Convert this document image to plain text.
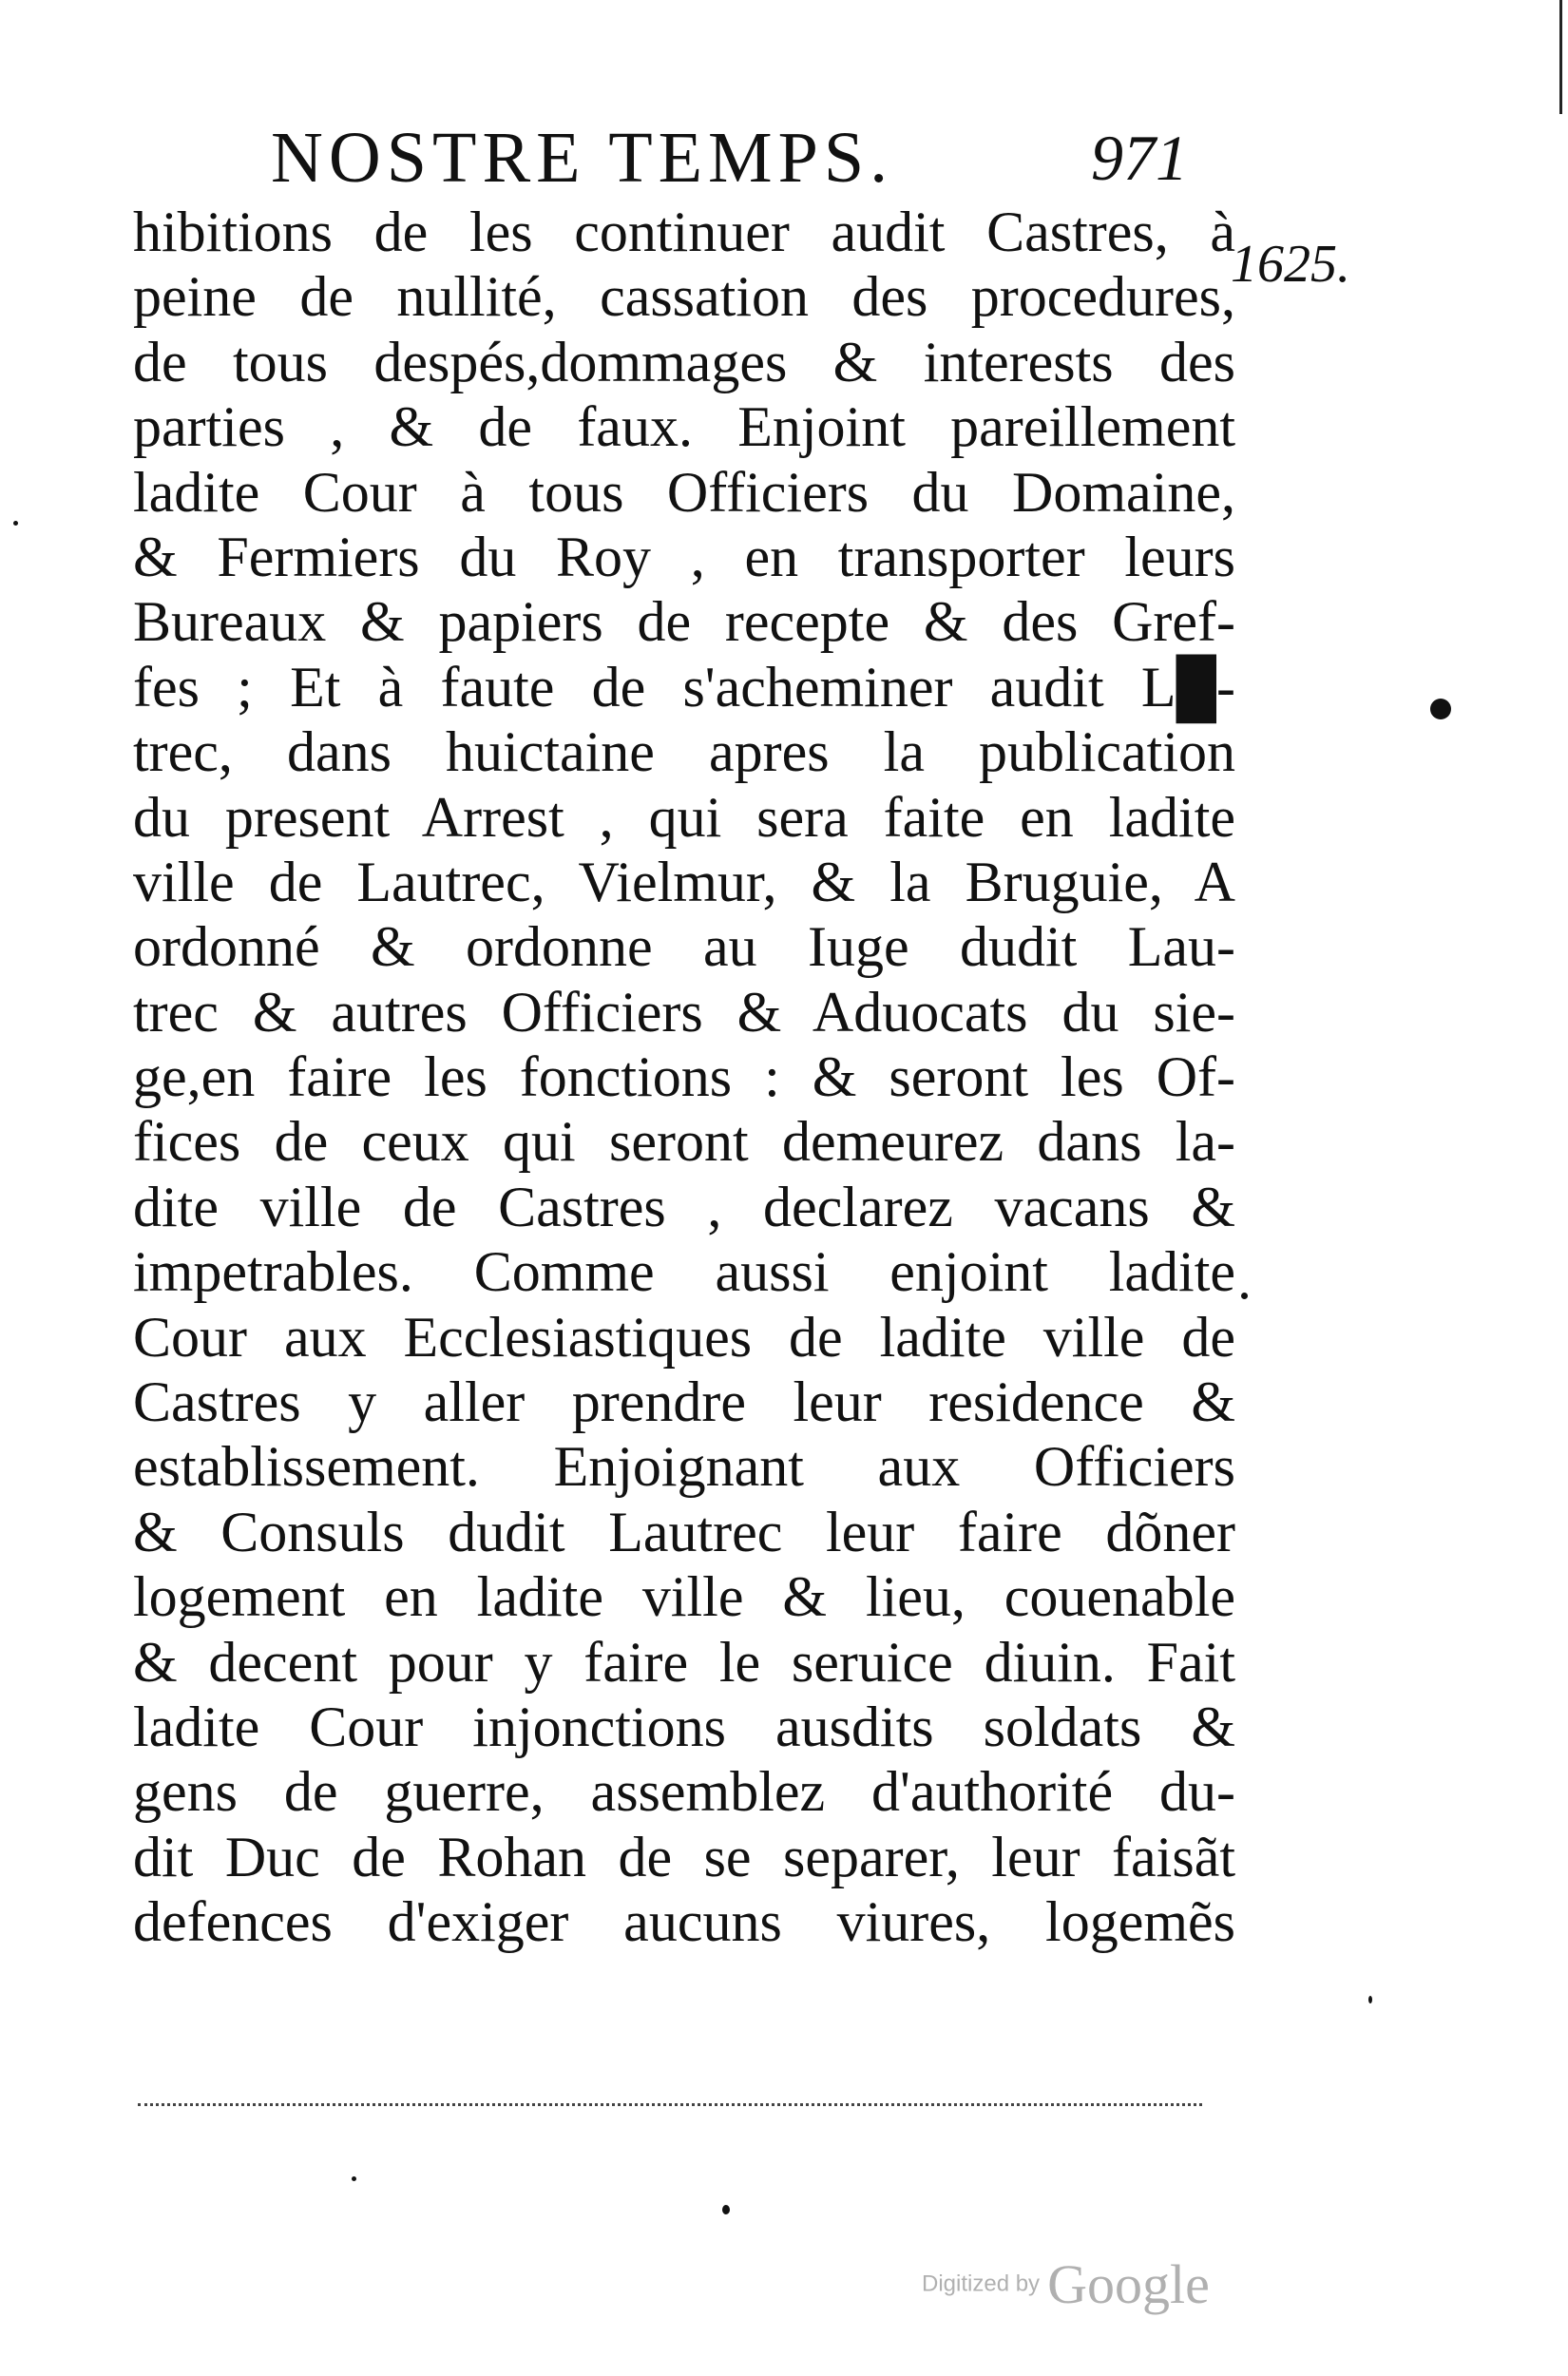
NOSTRE TEMPS.	971
1625.
hibitions de les continuer audit Castres, à
peine de nullité, cassation des procedures,
de tous despés,dommages & interests des
parties , & de faux. Enjoint pareillement
ladite Cour à tous Officiers du Domaine,
& Fermiers du Roy , en transporter leurs
Bureaux & papiers de recepte & des Gref-
fes ; Et à faute de s'acheminer audit L█-
trec, dans huictaine apres la publication
du present Arrest , qui sera faite en ladite
ville de Lautrec, Vielmur, & la Bruguie, A
ordonné & ordonne au Iuge dudit Lau-
trec & autres Officiers & Aduocats du sie-
ge,en faire les fonctions : & seront les Of-
fices de ceux qui seront demeurez dans la-
dite ville de Castres , declarez vacans &
impetrables. Comme aussi enjoint ladite
Cour aux Ecclesiastiques de ladite ville de
Castres y aller prendre leur residence &
establissement. Enjoignant aux Officiers
& Consuls dudit Lautrec leur faire dõner
logement en ladite ville & lieu, couenable
& decent pour y faire le seruice diuin. Fait
ladite Cour injonctions ausdits soldats &
gens de guerre, assemblez d'authorité du-
dit Duc de Rohan de se separer, leur faisãt
defences d'exiger aucuns viures, logemẽs
Digitized by Google
